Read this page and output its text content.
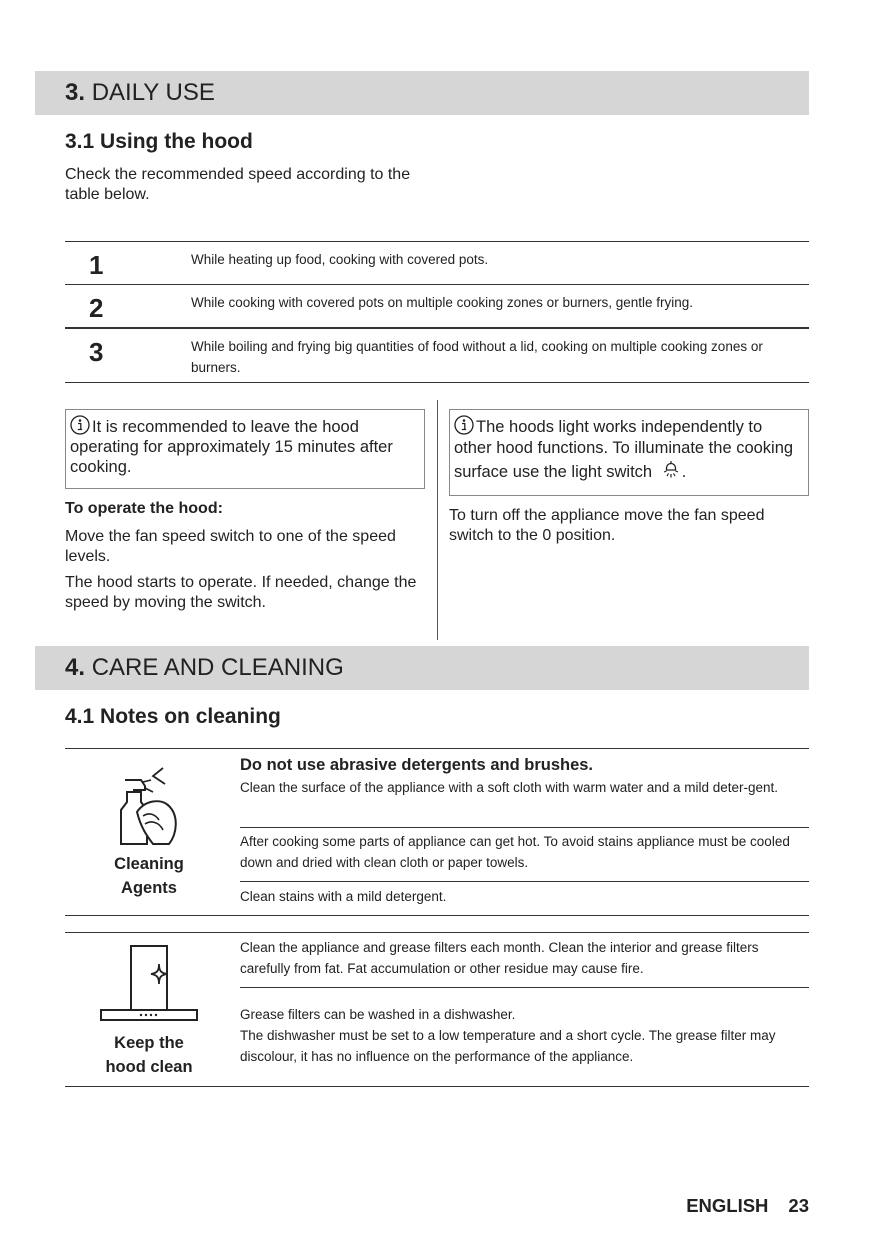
3. DAILY USE
3.1 Using the hood
Check the recommended speed according to the table below.
1	While heating up food, cooking with covered pots.
2	While cooking with covered pots on multiple cooking zones or burners, gentle frying.
3	While boiling and frying big quantities of food without a lid, cooking on multiple cooking zones or burners.
It is recommended to leave the hood operating for approximately 15 minutes after cooking.
To operate the hood:
Move the fan speed switch to one of the speed levels.
The hood starts to operate. If needed, change the speed by moving the switch.
The hoods light works independently to other hood functions. To illuminate the cooking surface use the light switch .
To turn off the appliance move the fan speed switch to the 0 position.
4. CARE AND CLEANING
4.1 Notes on cleaning
Cleaning
Agents
Do not use abrasive detergents and brushes.
Clean the surface of the appliance with a soft cloth with warm water and a mild deter-gent.
After cooking some parts of appliance can get hot. To avoid stains appliance must be cooled down and dried with clean cloth or paper towels.
Clean stains with a mild detergent.
Keep the
hood clean
Clean the appliance and grease filters each month. Clean the interior and grease filters carefully from fat. Fat accumulation or other residue may cause fire.
Grease filters can be washed in a dishwasher.
The dishwasher must be set to a low temperature and a short cycle. The grease filter may discolour, it has no influence on the performance of the appliance.
ENGLISH 23
